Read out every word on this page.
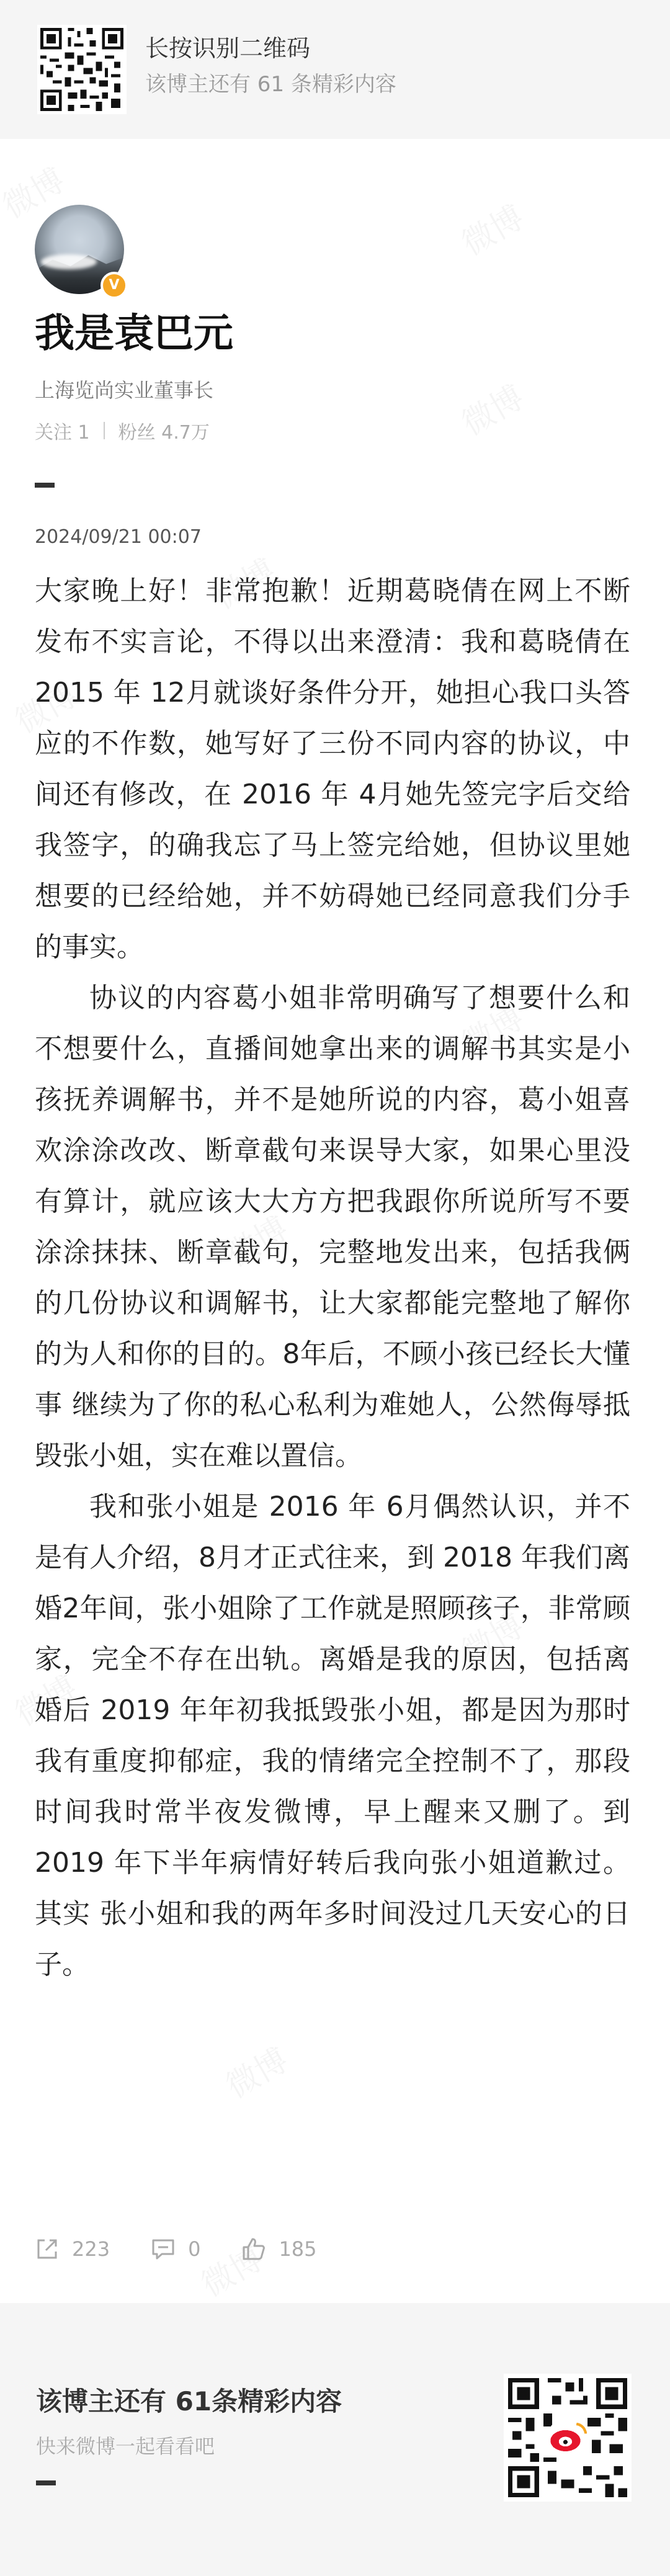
长按识别二维码
该博主还有 61 条精彩内容
V
我是袁巴元
上海览尚实业董事长
关注 1 粉丝 4.7万
2024/09/21 00:07

大家晚上好！非常抱歉！近期葛晓倩在网上不断发布不实言论，不得以出来澄清：我和葛晓倩在2015 年 12月就谈好条件分开，她担心我口头答应的不作数，她写好了三份不同内容的协议，中间还有修改，在 2016 年 4月她先签完字后交给我签字，的确我忘了马上签完给她，但协议里她想要的已经给她，并不妨碍她已经同意我们分手的事实。

协议的内容葛小姐非常明确写了想要什么和不想要什么，直播间她拿出来的调解书其实是小孩抚养调解书，并不是她所说的内容，葛小姐喜欢涂涂改改、断章截句来误导大家，如果心里没有算计，就应该大大方方把我跟你所说所写不要涂涂抹抹、断章截句，完整地发出来，包括我俩的几份协议和调解书，让大家都能完整地了解你的为人和你的目的。8年后，不顾小孩已经长大懂事 继续为了你的私心私利为难她人，公然侮辱抵毁张小姐，实在难以置信。

我和张小姐是 2016 年 6月偶然认识，并不是有人介绍，8月才正式往来，到 2018 年我们离婚2年间，张小姐除了工作就是照顾孩子，非常顾家，完全不存在出轨。离婚是我的原因，包括离婚后 2019 年年初我抵毁张小姐，都是因为那时我有重度抑郁症，我的情绪完全控制不了，那段时间我时常半夜发微博，早上醒来又删了。到2019 年下半年病情好转后我向张小姐道歉过。其实 张小姐和我的两年多时间没过几天安心的日子。

223	0	185
该博主还有 61条精彩内容
快来微博一起看看吧
